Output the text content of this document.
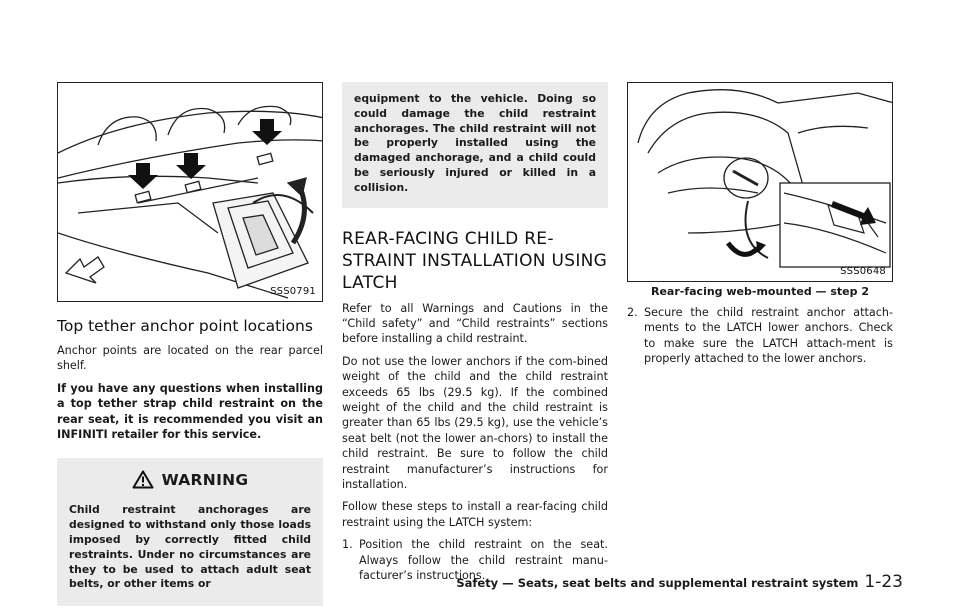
SSS0791
Top tether anchor point locations

Anchor points are located on the rear parcel shelf.

If you have any questions when installing a top tether strap child restraint on the rear seat, it is recommended you visit an INFINITI retailer for this service.

WARNING

Child restraint anchorages are designed to withstand only those loads imposed by correctly fitted child restraints. Under no circumstances are they to be used to attach adult seat belts, or other items or

equipment to the vehicle. Doing so could damage the child restraint anchorages. The child restraint will not be properly installed using the damaged anchorage, and a child could be seriously injured or killed in a collision.

REAR-FACING CHILD RE-STRAINT INSTALLATION USING LATCH

Refer to all Warnings and Cautions in the “Child safety” and “Child restraints” sections before installing a child restraint.

Do not use the lower anchors if the com-bined weight of the child and the child restraint exceeds 65 lbs (29.5 kg). If the combined weight of the child and the child restraint is greater than 65 lbs (29.5 kg), use the vehicle’s seat belt (not the lower an-chors) to install the child restraint. Be sure to follow the child restraint manufacturer’s instructions for installation.

Follow these steps to install a rear-facing child restraint using the LATCH system:

1. Position the child restraint on the seat. Always follow the child restraint manu-facturer’s instructions.
SSS0648
Rear-facing web-mounted — step 2
2. Secure the child restraint anchor attach-ments to the LATCH lower anchors. Check to make sure the LATCH attach-ment is properly attached to the lower anchors.
Safety — Seats, seat belts and supplemental restraint system 1-23
